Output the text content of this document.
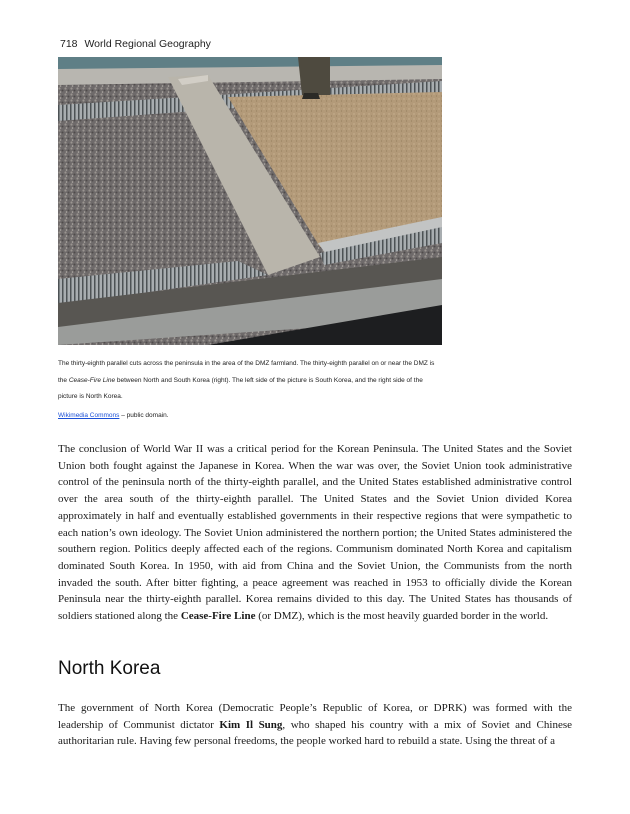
718 World Regional Geography
The thirty-eighth parallel cuts across the peninsula in the area of the DMZ farmland. The thirty-eighth parallel on or near the DMZ is the Cease-Fire Line between North and South Korea (right). The left side of the picture is South Korea, and the right side of the picture is North Korea.
Wikimedia Commons – public domain.

The conclusion of World War II was a critical period for the Korean Peninsula. The United States and the Soviet Union both fought against the Japanese in Korea. When the war was over, the Soviet Union took administrative control of the peninsula north of the thirty-eighth parallel, and the United States established administrative control over the area south of the thirty-eighth parallel. The United States and the Soviet Union divided Korea approximately in half and eventually established governments in their respective regions that were sympathetic to each nation’s own ideology. The Soviet Union administered the northern portion; the United States administered the southern region. Politics deeply affected each of the regions. Communism dominated North Korea and capitalism dominated South Korea. In 1950, with aid from China and the Soviet Union, the Communists from the north invaded the south. After bitter fighting, a peace agreement was reached in 1953 to officially divide the Korean Peninsula near the thirty-eighth parallel. Korea remains divided to this day. The United States has thousands of soldiers stationed along the Cease-Fire Line (or DMZ), which is the most heavily guarded border in the world.

North Korea

The government of North Korea (Democratic People’s Republic of Korea, or DPRK) was formed with the leadership of Communist dictator Kim Il Sung, who shaped his country with a mix of Soviet and Chinese authoritarian rule. Having few personal freedoms, the people worked hard to rebuild a state. Using the threat of a
